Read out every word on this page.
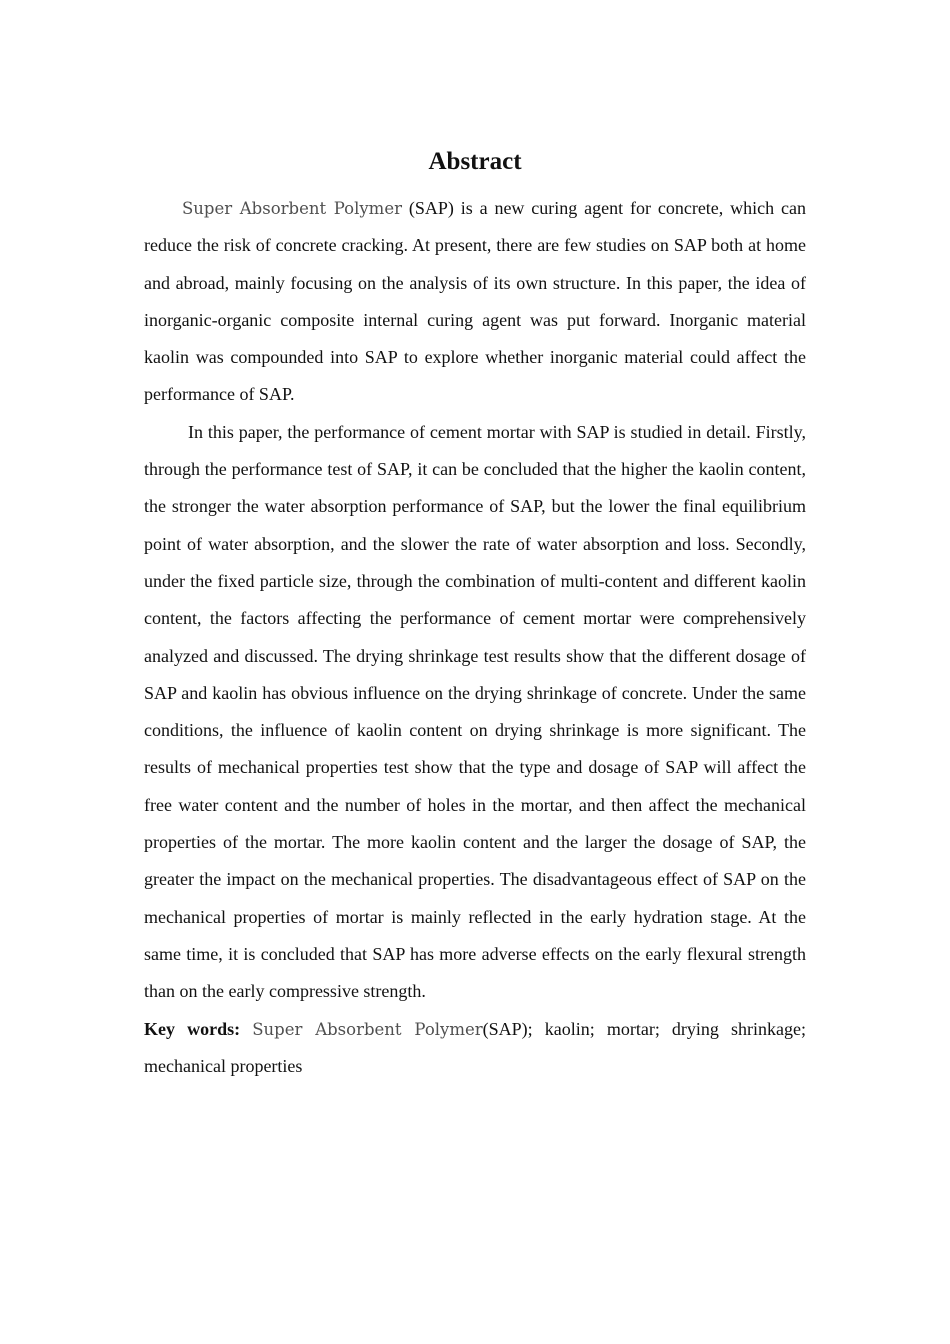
Abstract

Super Absorbent Polymer (SAP) is a new curing agent for concrete, which can reduce the risk of concrete cracking. At present, there are few studies on SAP both at home and abroad, mainly focusing on the analysis of its own structure. In this paper, the idea of inorganic-organic composite internal curing agent was put forward. Inorganic material kaolin was compounded into SAP to explore whether inorganic material could affect the performance of SAP.

In this paper, the performance of cement mortar with SAP is studied in detail. Firstly, through the performance test of SAP, it can be concluded that the higher the kaolin content, the stronger the water absorption performance of SAP, but the lower the final equilibrium point of water absorption, and the slower the rate of water absorption and loss. Secondly, under the fixed particle size, through the combination of multi-content and different kaolin content, the factors affecting the performance of cement mortar were comprehensively analyzed and discussed. The drying shrinkage test results show that the different dosage of SAP and kaolin has obvious influence on the drying shrinkage of concrete. Under the same conditions, the influence of kaolin content on drying shrinkage is more significant. The results of mechanical properties test show that the type and dosage of SAP will affect the free water content and the number of holes in the mortar, and then affect the mechanical properties of the mortar. The more kaolin content and the larger the dosage of SAP, the greater the impact on the mechanical properties. The disadvantageous effect of SAP on the mechanical properties of mortar is mainly reflected in the early hydration stage. At the same time, it is concluded that SAP has more adverse effects on the early flexural strength than on the early compressive strength.

Key words: Super Absorbent Polymer(SAP); kaolin; mortar; drying shrinkage; mechanical properties
